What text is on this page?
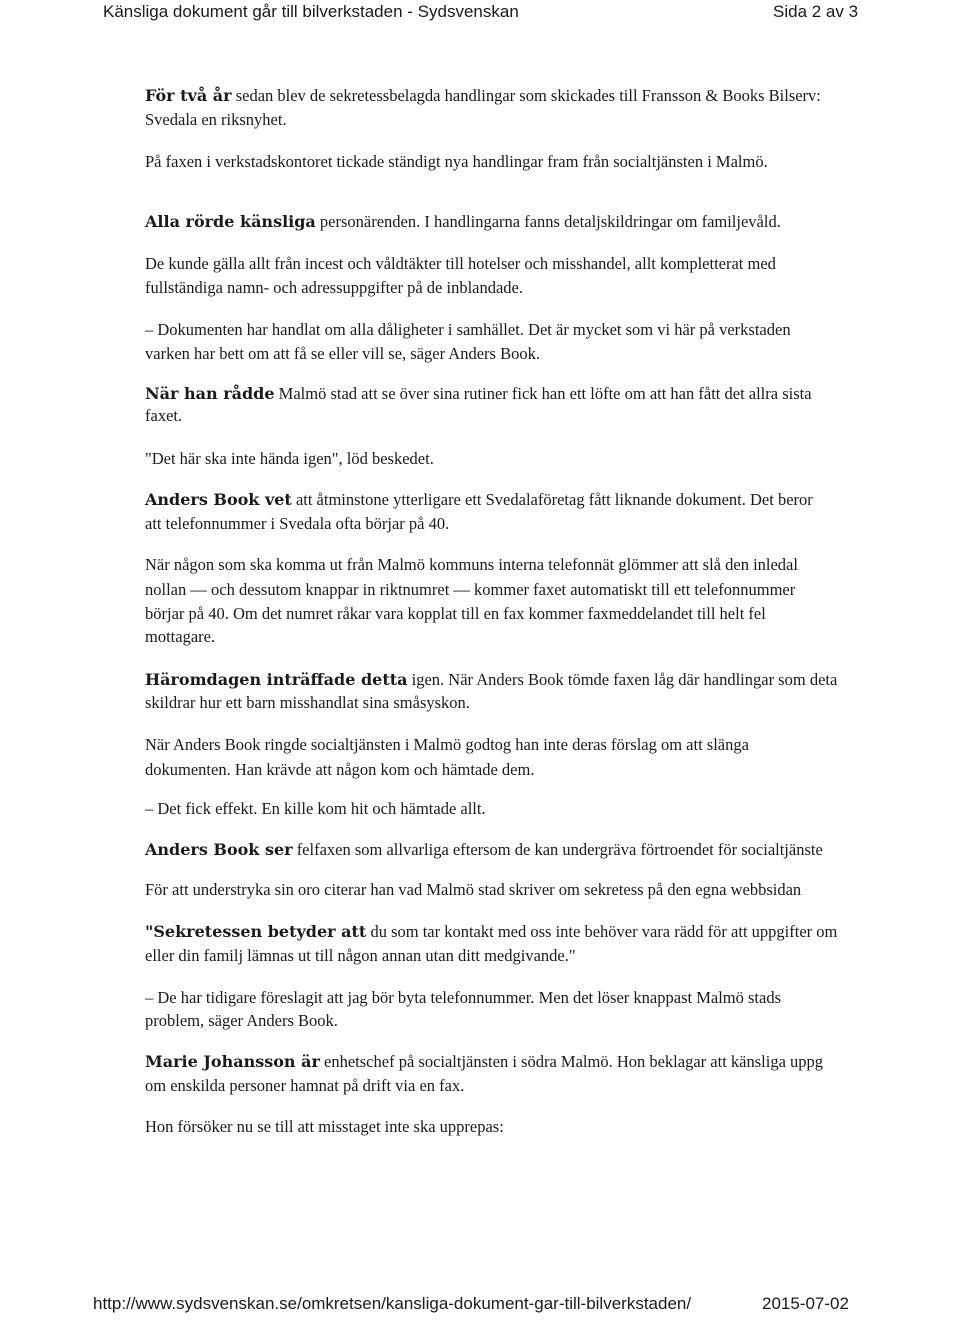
Känsliga dokument går till bilverkstaden - Sydsvenskan	Sida 2 av 3
För två år sedan blev de sekretessbelagda handlingar som skickades till Fransson & Books Bilserv:
Svedala en riksnyhet.
På faxen i verkstadskontoret tickade ständigt nya handlingar fram från socialtjänsten i Malmö.
Alla rörde känsliga personärenden. I handlingarna fanns detaljskildringar om familjevåld.
De kunde gälla allt från incest och våldtäkter till hotelser och misshandel, allt kompletterat med
fullständiga namn- och adressuppgifter på de inblandade.
– Dokumenten har handlat om alla dåligheter i samhället. Det är mycket som vi här på verkstaden
varken har bett om att få se eller vill se, säger Anders Book.
När han rådde Malmö stad att se över sina rutiner fick han ett löfte om att han fått det allra sista
faxet.
"Det här ska inte hända igen", löd beskedet.
Anders Book vet att åtminstone ytterligare ett Svedalaföretag fått liknande dokument. Det beror
att telefonnummer i Svedala ofta börjar på 40.
När någon som ska komma ut från Malmö kommuns interna telefonnät glömmer att slå den inledal
nollan — och dessutom knappar in riktnumret — kommer faxet automatiskt till ett telefonnummer
börjar på 40. Om det numret råkar vara kopplat till en fax kommer faxmeddelandet till helt fel
mottagare.
Häromdagen inträffade detta igen. När Anders Book tömde faxen låg där handlingar som deta
skildrar hur ett barn misshandlat sina småsyskon.
När Anders Book ringde socialtjänsten i Malmö godtog han inte deras förslag om att slänga
dokumenten. Han krävde att någon kom och hämtade dem.
– Det fick effekt. En kille kom hit och hämtade allt.
Anders Book ser felfaxen som allvarliga eftersom de kan undergräva förtroendet för socialtjänste
För att understryka sin oro citerar han vad Malmö stad skriver om sekretess på den egna webbsidan
"Sekretessen betyder att du som tar kontakt med oss inte behöver vara rädd för att uppgifter om
eller din familj lämnas ut till någon annan utan ditt medgivande."
– De har tidigare föreslagit att jag bör byta telefonnummer. Men det löser knappast Malmö stads
problem, säger Anders Book.
Marie Johansson är enhetschef på socialtjänsten i södra Malmö. Hon beklagar att känsliga uppg
om enskilda personer hamnat på drift via en fax.
Hon försöker nu se till att misstaget inte ska upprepas:
http://www.sydsvenskan.se/omkretsen/kansliga-dokument-gar-till-bilverkstaden/	2015-07-02
